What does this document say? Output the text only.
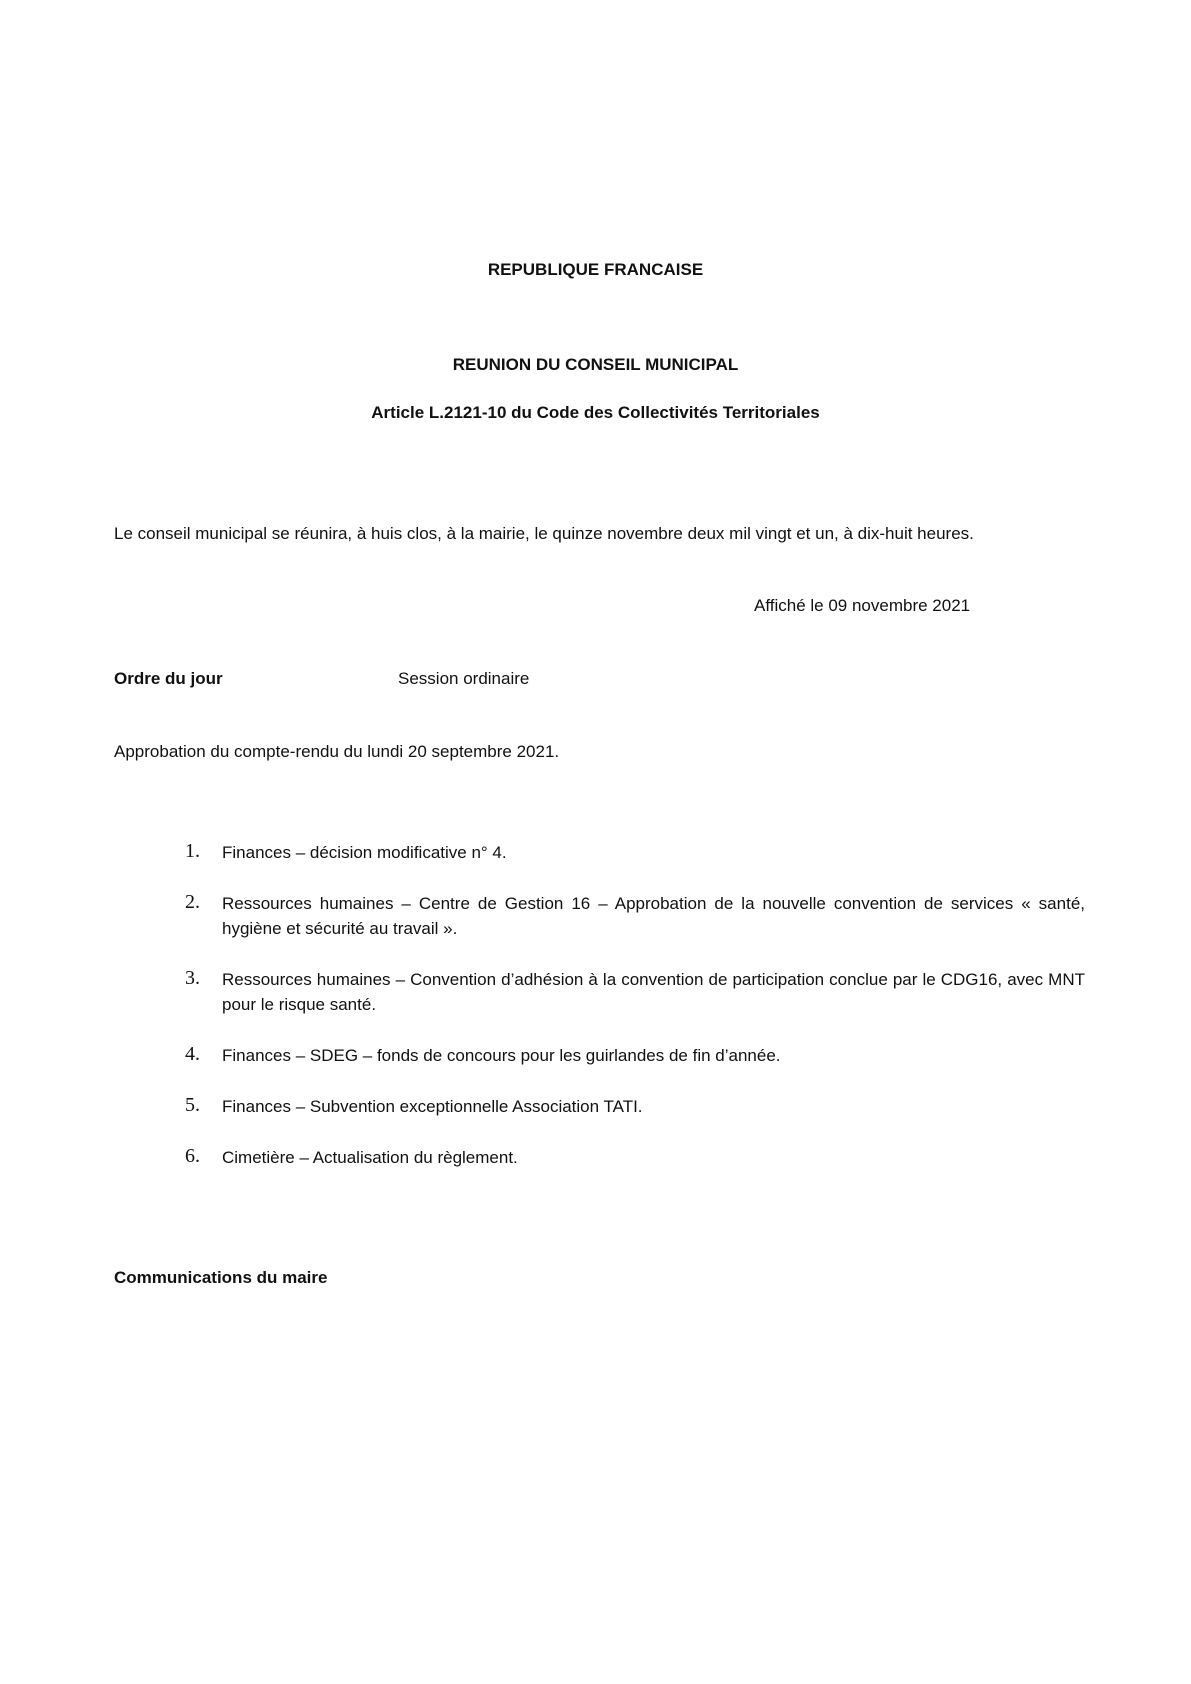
REPUBLIQUE FRANCAISE
REUNION DU CONSEIL MUNICIPAL
Article L.2121-10 du Code des Collectivités Territoriales
Le conseil municipal se réunira, à huis clos, à la mairie, le quinze novembre deux mil vingt et un, à dix-huit heures.
Affiché le 09 novembre 2021
Ordre du jour	Session ordinaire
Approbation du compte-rendu du lundi 20 septembre 2021.
1. Finances – décision modificative n° 4.
2. Ressources humaines – Centre de Gestion 16 – Approbation de la nouvelle convention de services « santé, hygiène et sécurité au travail ».
3. Ressources humaines – Convention d’adhésion à la convention de participation conclue par le CDG16, avec MNT pour le risque santé.
4. Finances – SDEG – fonds de concours pour les guirlandes de fin d’année.
5. Finances – Subvention exceptionnelle Association TATI.
6. Cimetière – Actualisation du règlement.
Communications du maire
